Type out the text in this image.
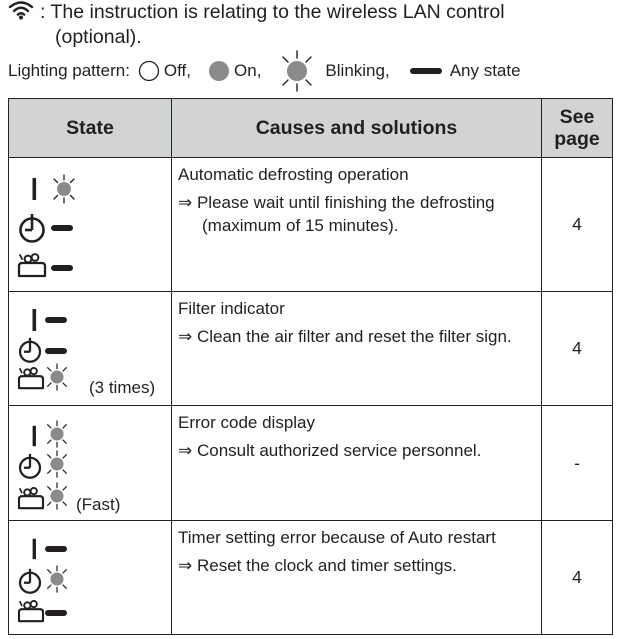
: The instruction is relating to the wireless LAN control
(optional).
Lighting pattern: Off,	On,	Blinking,	Any state
State	Causes and solutions	See
page

Automatic defrosting operation
⇒ Please wait until finishing the defrosting (maximum of 15 minutes).	4

(3 times)	Filter indicator
⇒ Clean the air filter and reset the filter sign.	4

(Fast)	Error code display
⇒ Consult authorized service personnel.	-

Timer setting error because of Auto restart
⇒ Reset the clock and timer settings.	4
